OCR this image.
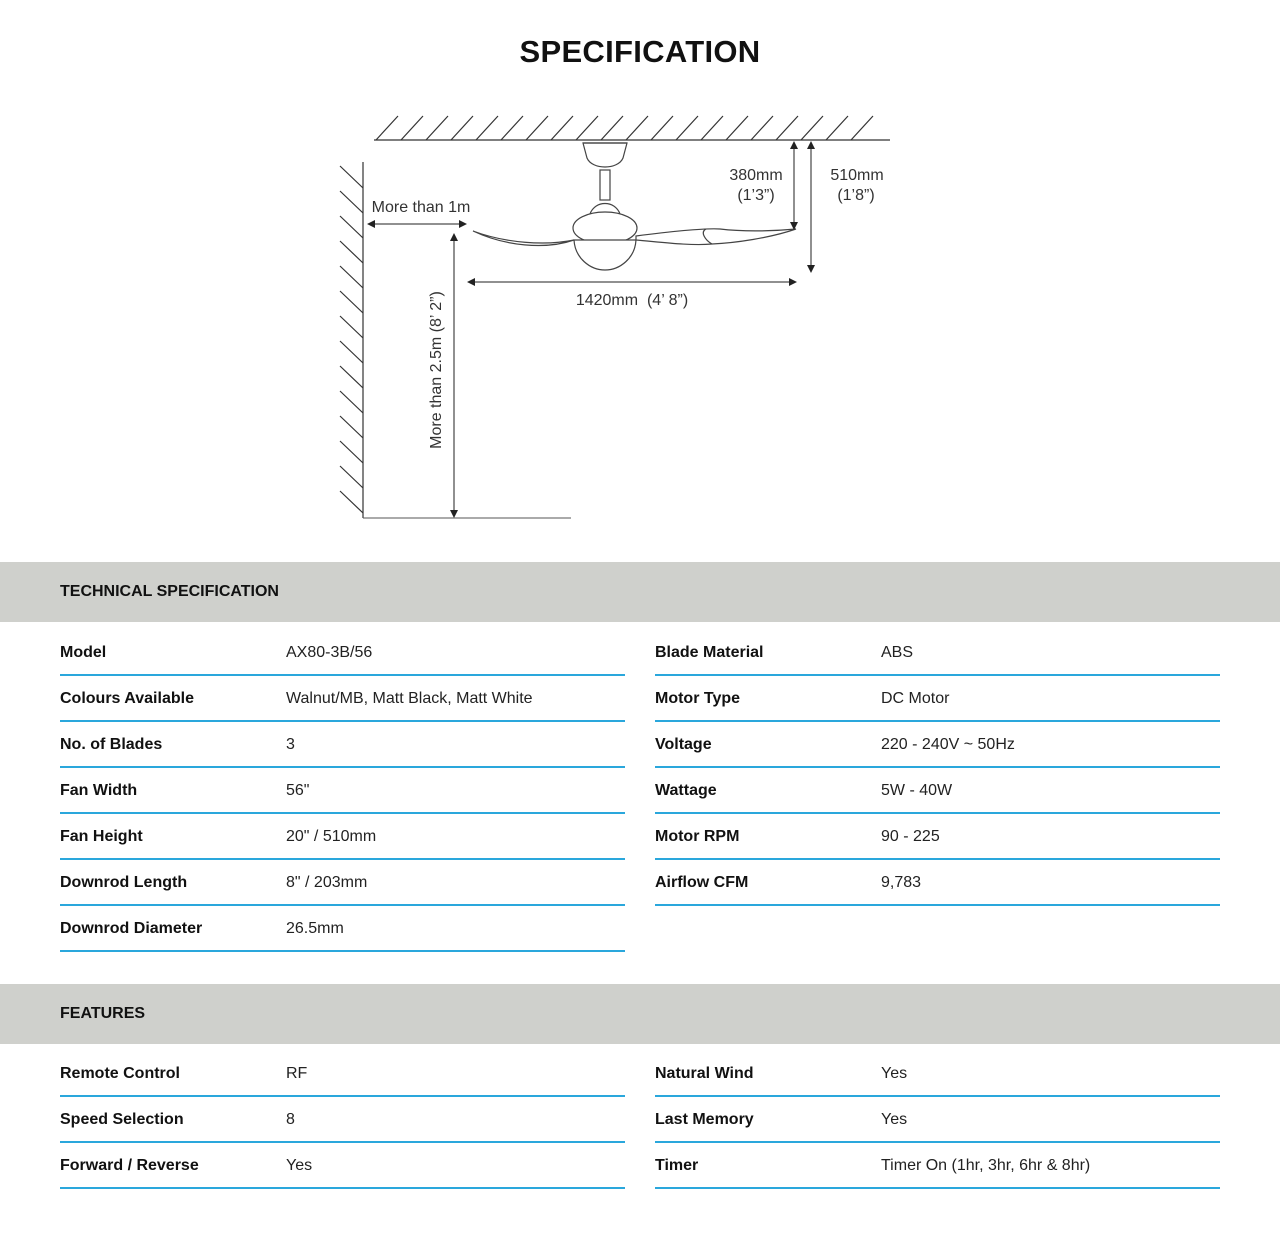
SPECIFICATION
380mm
(1’3”)
510mm
(1’8”)
More than 1m
1420mm  (4’ 8”)
More than 2.5m (8’ 2”)
TECHNICAL SPECIFICATION
Model	AX80-3B/56
Colours Available	Walnut/MB, Matt Black, Matt White
No. of Blades	3
Fan Width	56"
Fan Height	20" / 510mm
Downrod Length	8" / 203mm
Downrod Diameter	26.5mm
Blade Material	ABS
Motor Type	DC Motor
Voltage	220 - 240V ~ 50Hz
Wattage	5W - 40W
Motor RPM	90 - 225
Airflow CFM	9,783
FEATURES
Remote Control	RF
Speed Selection	8
Forward / Reverse	Yes
Natural Wind	Yes
Last Memory	Yes
Timer	Timer On (1hr, 3hr, 6hr & 8hr)
